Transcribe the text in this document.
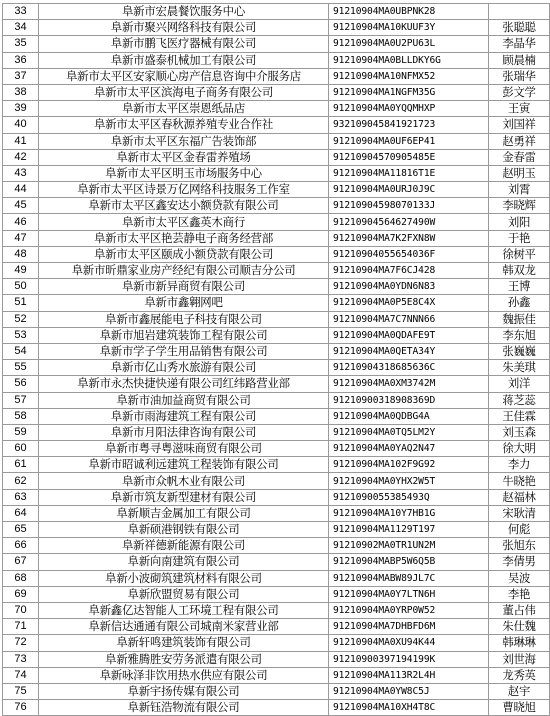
33	阜新市宏晨餐饮服务中心	91210904MA0UBPNK28	
34	阜新市聚兴网络科技有限公司	91210904MA10KUUF3Y	张聪聪
35	阜新市鹏飞医疗器械有限公司	91210904MA0U2PU63L	李晶华
36	阜新市盛泰机械加工有限公司	91210904MA0BLLDKY6G	顾晨楠
37	阜新市太平区安家顺心房产信息咨询中介服务店	91210904MA10NFMX52	张瑞华
38	阜新市太平区滨海电子商务有限公司	91210904MA1NGFM35G	彭文学
39	阜新市太平区崇恩纸品店	91210904MA0YQQMHXP	王寅
40	阜新市太平区春秋源养殖专业合作社	93210904584192172З	刘国祥
41	阜新市太平区东福广告装饰部	91210904MA0UF6EP41	赵勇祥
42	阜新市太平区金春雷养殖场	91210904570905485E	金春雷
43	阜新市太平区明玉市场服务中心	91210904MA11816T1E	赵明玉
44	阜新市太平区诗景万亿网络科技服务工作室	91210904MA0URJ0J9C	刘霄
45	阜新市太平区鑫安达小额贷款有限公司	91210904598070133J	李晓辉
46	阜新市太平区鑫英木商行	91210904564627490W	刘阳
47	阜新市太平区艳芸静电子商务经营部	91210904MA7K2FXN8W	于艳
48	阜新市太平区颐成小额贷款有限公司	91210904055654036F	徐树平
49	阜新市昕鼎家业房产经纪有限公司顺吉分公司	91210904MA7F6CJ428	韩双龙
50	阜新市新异商贸有限公司	91210904MA0YDN6N83	王博
51	阜新市鑫翱网吧	91210904MA0P5E8C4X	孙鑫
52	阜新市鑫展能电子科技有限公司	91210904MA7C7NNN66	魏振佳
53	阜新市旭岩建筑装饰工程有限公司	91210904MA0QDAFE9T	李东旭
54	阜新市学子学生用品销售有限公司	91210904MA0QETA34Y	张巍巍
55	阜新市亿山秀水旅游有限公司	91210904318685636C	朱美琪
56	阜新市永杰快捷快递有限公司红纬路营业部	91210904MA0XM3742M	刘洋
57	阜新市油加益商贸有限公司	91210900318908369D	蒋芝蕊
58	阜新市雨海建筑工程有限公司	91210904MA0QDBG4A	王佳霖
59	阜新市月阳法律咨询有限公司	91210904MA0TQ5LM2Y	刘玉森
60	阜新市粤寻粤滋味商贸有限公司	91210904MA0YAQ2N47	徐大明
61	阜新市昭诚利远建筑工程装饰有限公司	91210904MA102F9G92	李力
62	阜新市众帆木业有限公司	91210904MA0YHX2W5T	牛晓艳
63	阜新市筑友新型建材有限公司	9121090055385493Q	赵福林
64	阜新顺吉金属加工有限公司	91210904MA10Y7HB1G	宋耿清
65	阜新硕港钢铁有限公司	91210904MA1129T197	何彪
66	阜新祥德新能源有限公司	91210902MA0TR1UN2M	张旭东
67	阜新向南建筑有限公司	91210904MABP5W6Q5B	李倩男
68	阜新小波砌筑建筑材料有限公司	91210904MABW89JL7C	吴波
69	阜新欣盟贸易有限公司	91210904MA0Y7LTN6H	李艳
70	阜新鑫亿达智能人工环境工程有限公司	91210904MA0YRP0W52	董占伟
71	阜新信达通通有限公司城南米家营业部	91210904MA7DHBFD6M	朱仕魏
72	阜新轩鸣建筑装饰有限公司	91210904MA0XU94K44	韩琳琳
73	阜新雅腾胜安劳务派遣有限公司	91210900397194199K	刘世海
74	阜新咏泽非饮用热水供应有限公司	91210904MA113R2L4H	龙秀英
75	阜新宇扬传媒有限公司	91210904MA0YW8C5J	赵宇
76	阜新钰浩物流有限公司	91210904MA10XH4T8C	曹晓旭
